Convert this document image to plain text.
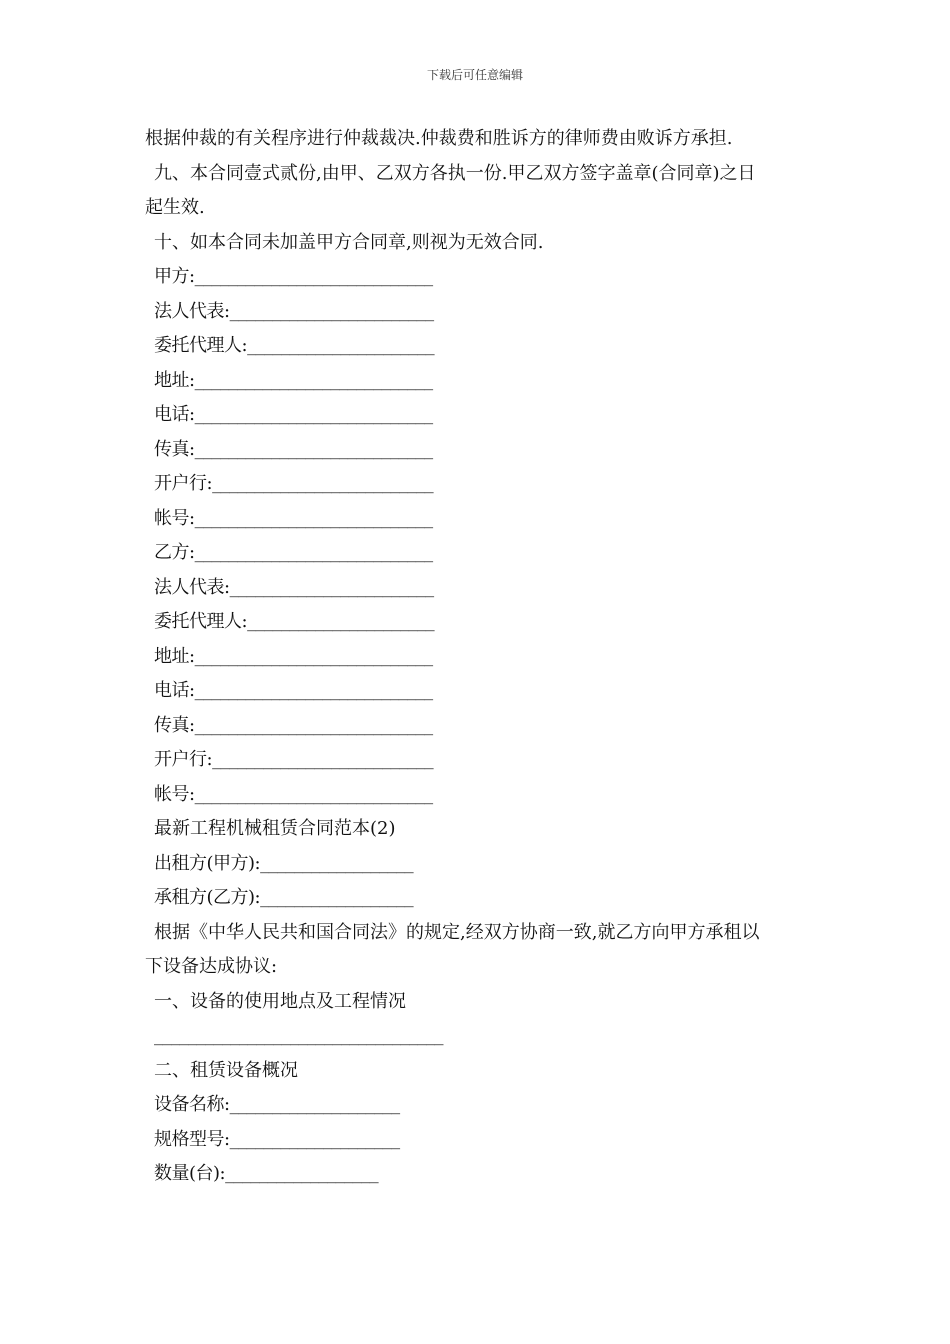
下载后可任意编辑
根据仲裁的有关程序进行仲裁裁决.仲裁费和胜诉方的律师费由败诉方承担.
九、本合同壹式贰份,由甲、乙双方各执一份.甲乙双方签字盖章(合同章)之日
起生效.
十、如本合同未加盖甲方合同章,则视为无效合同.
甲方:____________________________
法人代表:________________________
委托代理人:______________________
地址:____________________________
电话:____________________________
传真:____________________________
开户行:__________________________
帐号:____________________________
乙方:____________________________
法人代表:________________________
委托代理人:______________________
地址:____________________________
电话:____________________________
传真:____________________________
开户行:__________________________
帐号:____________________________
最新工程机械租赁合同范本(2)
出租方(甲方):__________________
承租方(乙方):__________________
根据《中华人民共和国合同法》的规定,经双方协商一致,就乙方向甲方承租以
下设备达成协议:
一、设备的使用地点及工程情况
__________________________________
二、租赁设备概况
设备名称:____________________
规格型号:____________________
数量(台):__________________
